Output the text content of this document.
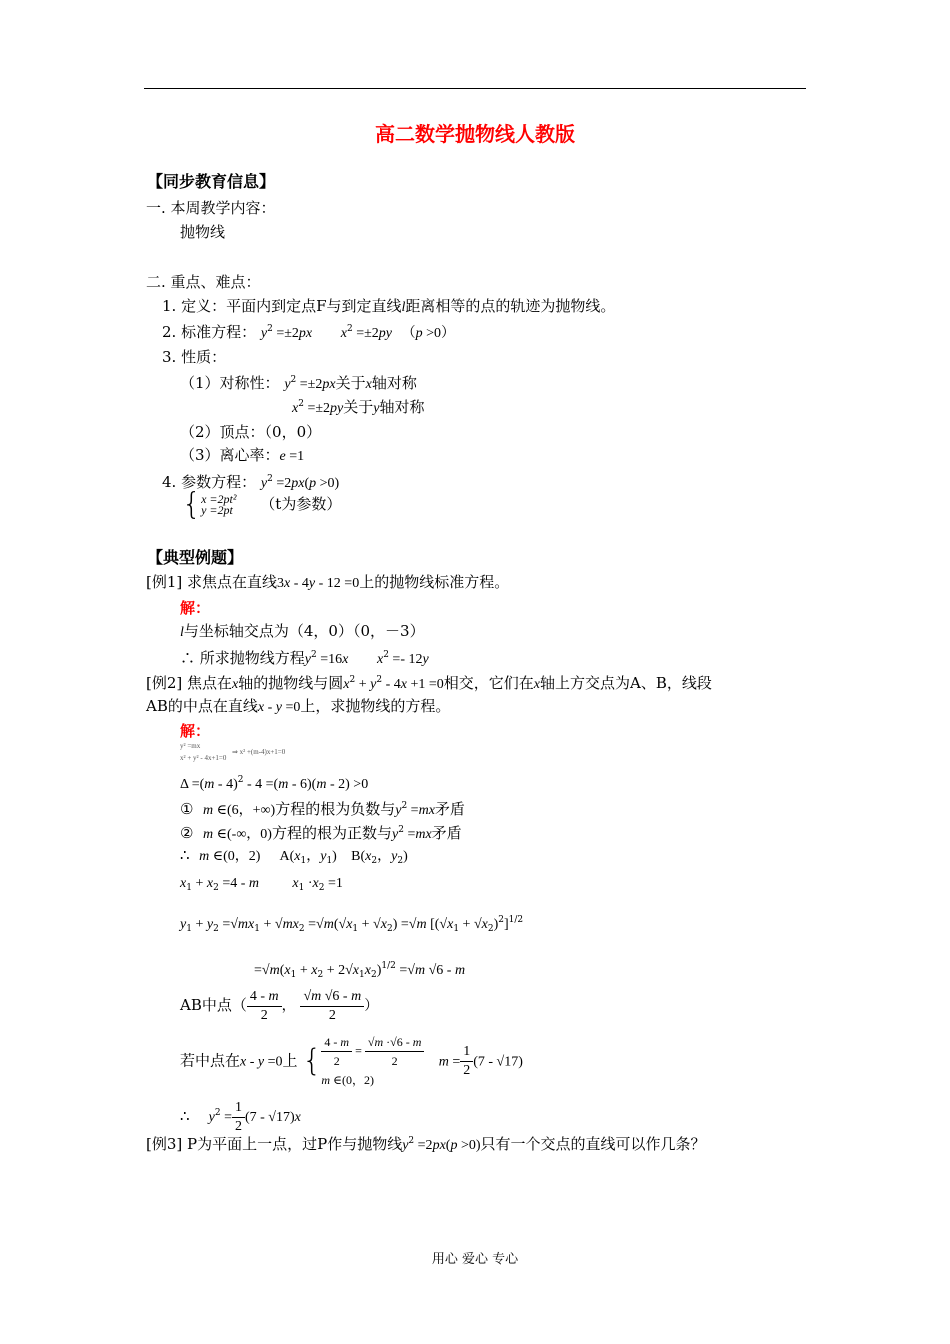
高二数学抛物线人教版
【同步教育信息】
一. 本周教学内容：
抛物线
二. 重点、难点：
1. 定义：平面内到定点F与到定直线l距离相等的点的轨迹为抛物线。
2. 标准方程： $y^2 =\pm 2px$ $x^2 =\pm 2py$ （p >0）
3. 性质：
（1）对称性： $y^2 =\pm 2px$关于x轴对称
$x^2 =\pm 2py$关于y轴对称
（2）顶点：（0，0）
（3）离心率：e =1
4. 参数方程： $y^2 =2px(p >0)$
{ x =2pt²
y =2pt （t为参数）
【典型例题】
[例1] 求焦点在直线3x - 4y - 12 =0上的抛物线标准方程。
解：
l与坐标轴交点为（4，0）（0，－3）
∴ 所求抛物线方程$y^2 =16x$ $x^2 =- 12y$
[例2] 焦点在x轴的抛物线与圆$x^2 + y^2 - 4x +1 =0$相交，它们在x轴上方交点为A、B，线段
AB的中点在直线x - y =0上，求抛物线的方程。
解：
y² =mx
x² + y² - 4x+1=0
⇒ x² +(m-4)x+1=0
Δ =(m - 4)$^2$ - 4 =(m - 6)(m - 2) >0
① m ∈(6，+∞)方程的根为负数与$y^2 =mx$矛盾
② m ∈(-∞，0)方程的根为正数与$y^2 =mx$矛盾
∴ m ∈(0，2) $A(x_1$，$y_1$) $B(x_2$，$y_2$)
$x_1 + x_2 =4 - m$ $x_1 \cdot x_2 =1$
$y_1 + y_2 =√mx_1 + √mx_2 =√m(√x_1 + √x_2) =√m$ $[(√x_1 + √x_2)^2]^{1/2}$
$=√m(x_1 + x_2 + 2√x_1x_2)^{1/2} =√m$ √6 - m
AB中点（ $\frac{4 - m}{2}$ ， $\frac{√m √6 - m}{2}$ ）
若中点在x - y =0上 { $\frac{4 - m}{2} = \frac{√m \cdot√6 - m}{2}$
m ∈(0，2)
$m = \frac{1}{2} (7 - √17)$
∴ $y^2 = \frac{1}{2} (7 - √17)x$
[例3] P为平面上一点，过P作与抛物线$y^2 =2px(p >0)$只有一个交点的直线可以作几条？
用心 爱心 专心
